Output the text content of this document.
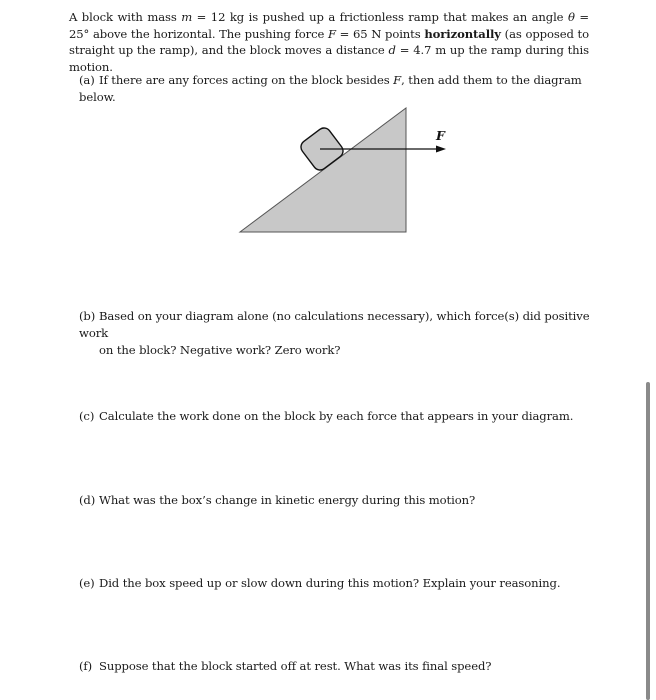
A block with mass m = 12 kg is pushed up a frictionless ramp that makes an angle θ = 25° above the horizontal. The pushing force F = 65 N points horizontally (as opposed to straight up the ramp), and the block moves a distance d = 4.7 m up the ramp during this motion.
(a) If there are any forces acting on the block besides F, then add them to the diagram below.
F
(b) Based on your diagram alone (no calculations necessary), which force(s) did positive work
on the block? Negative work? Zero work?
(c) Calculate the work done on the block by each force that appears in your diagram.
(d) What was the box’s change in kinetic energy during this motion?
(e) Did the box speed up or slow down during this motion? Explain your reasoning.
(f) Suppose that the block started off at rest. What was its final speed?
